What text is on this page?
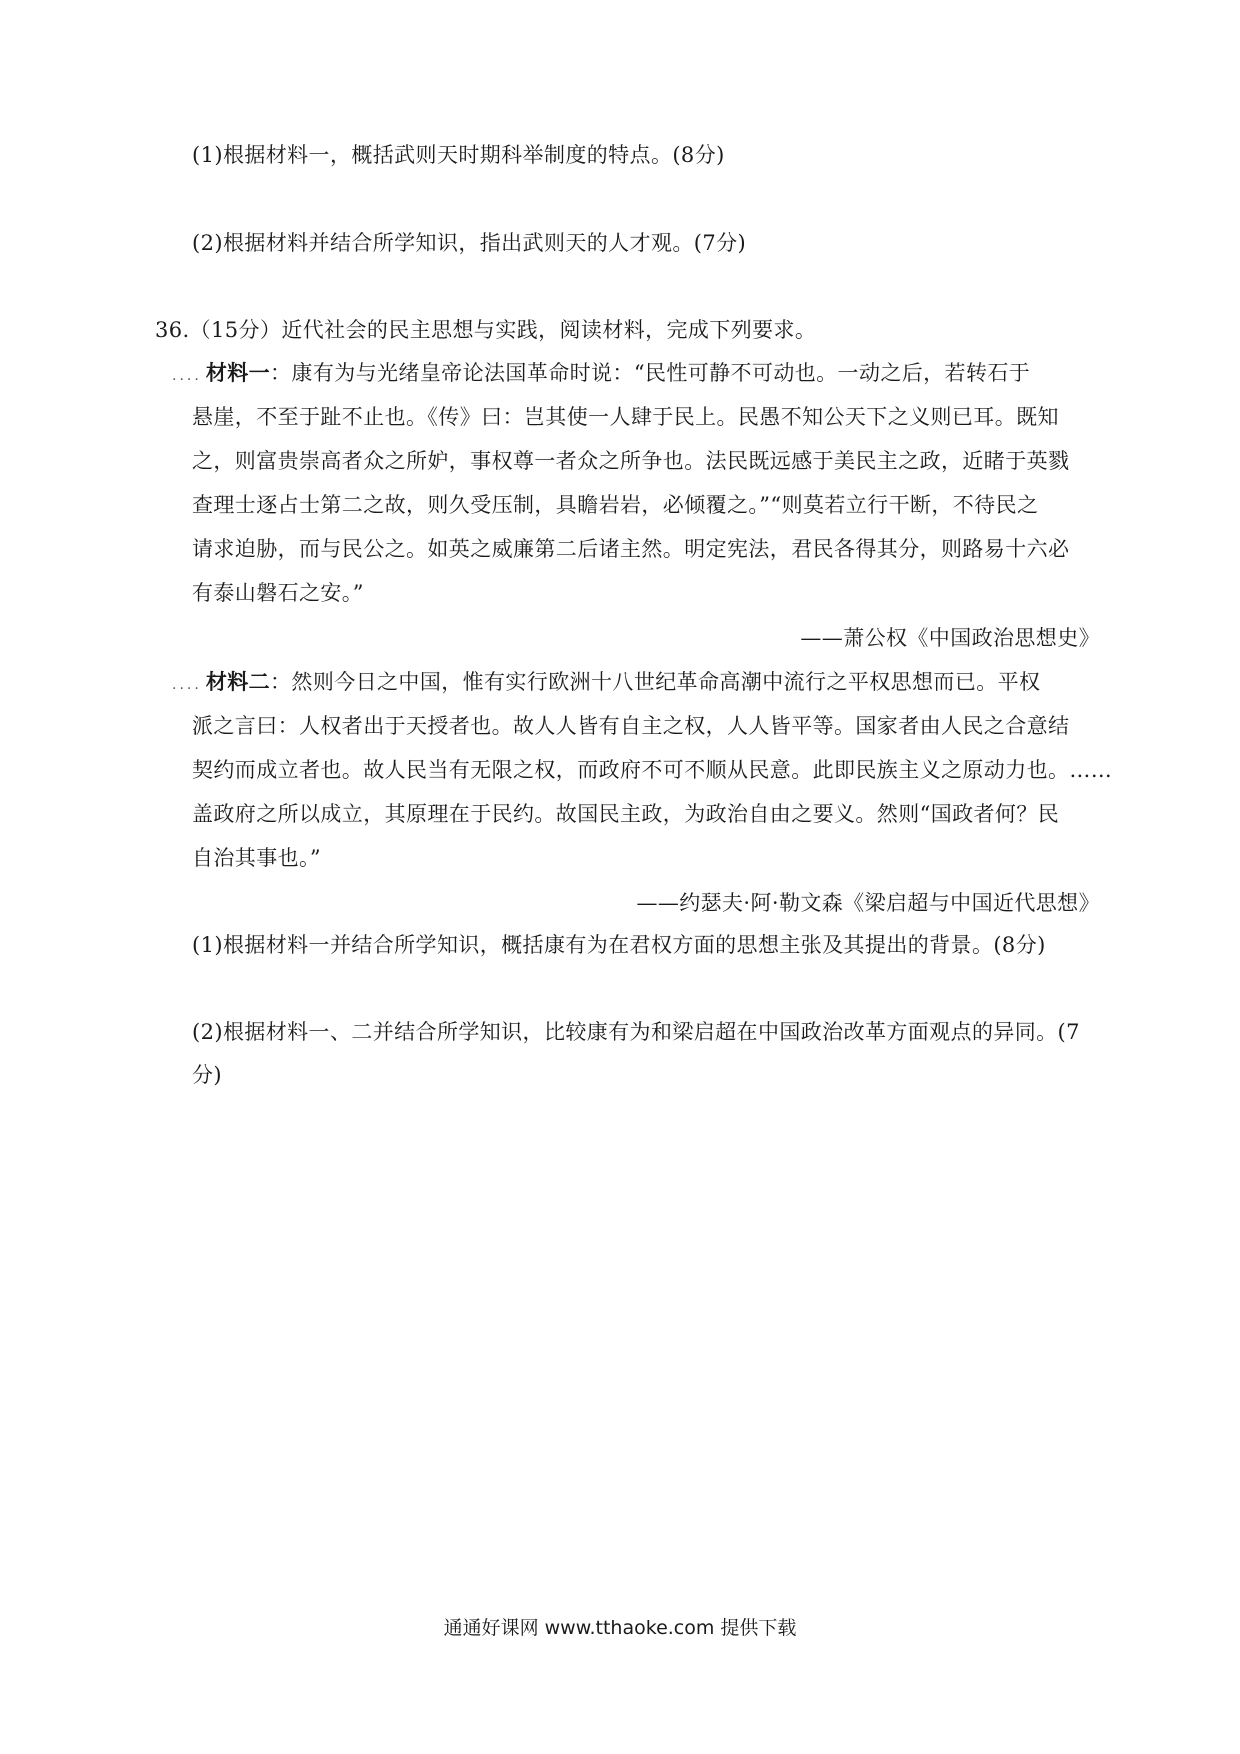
(1)根据材料一，概括武则天时期科举制度的特点。(8分)
(2)根据材料并结合所学知识，指出武则天的人才观。(7分)
36.（15分）近代社会的民主思想与实践，阅读材料，完成下列要求。
.... 材料一：康有为与光绪皇帝论法国革命时说：“民性可静不可动也。一动之后，若转石于
悬崖，不至于趾不止也。《传》曰：岂其使一人肆于民上。民愚不知公天下之义则已耳。既知
之，则富贵崇高者众之所妒，事权尊一者众之所争也。法民既远感于美民主之政，近睹于英戮
查理士逐占士第二之故，则久受压制，具瞻岩岩，必倾覆之。”“则莫若立行干断，不待民之
请求迫胁，而与民公之。如英之威廉第二后诸主然。明定宪法，君民各得其分，则路易十六必
有泰山磐石之安。”
——萧公权《中国政治思想史》
.... 材料二：然则今日之中国，惟有实行欧洲十八世纪革命高潮中流行之平权思想而已。平权
派之言曰：人权者出于天授者也。故人人皆有自主之权，人人皆平等。国家者由人民之合意结
契约而成立者也。故人民当有无限之权，而政府不可不顺从民意。此即民族主义之原动力也。……
盖政府之所以成立，其原理在于民约。故国民主政，为政治自由之要义。然则“国政者何？民
自治其事也。”
——约瑟夫·阿·勒文森《梁启超与中国近代思想》
(1)根据材料一并结合所学知识，概括康有为在君权方面的思想主张及其提出的背景。(8分)
(2)根据材料一、二并结合所学知识，比较康有为和梁启超在中国政治改革方面观点的异同。(7
分)
通通好课网 www.tthaoke.com 提供下载
